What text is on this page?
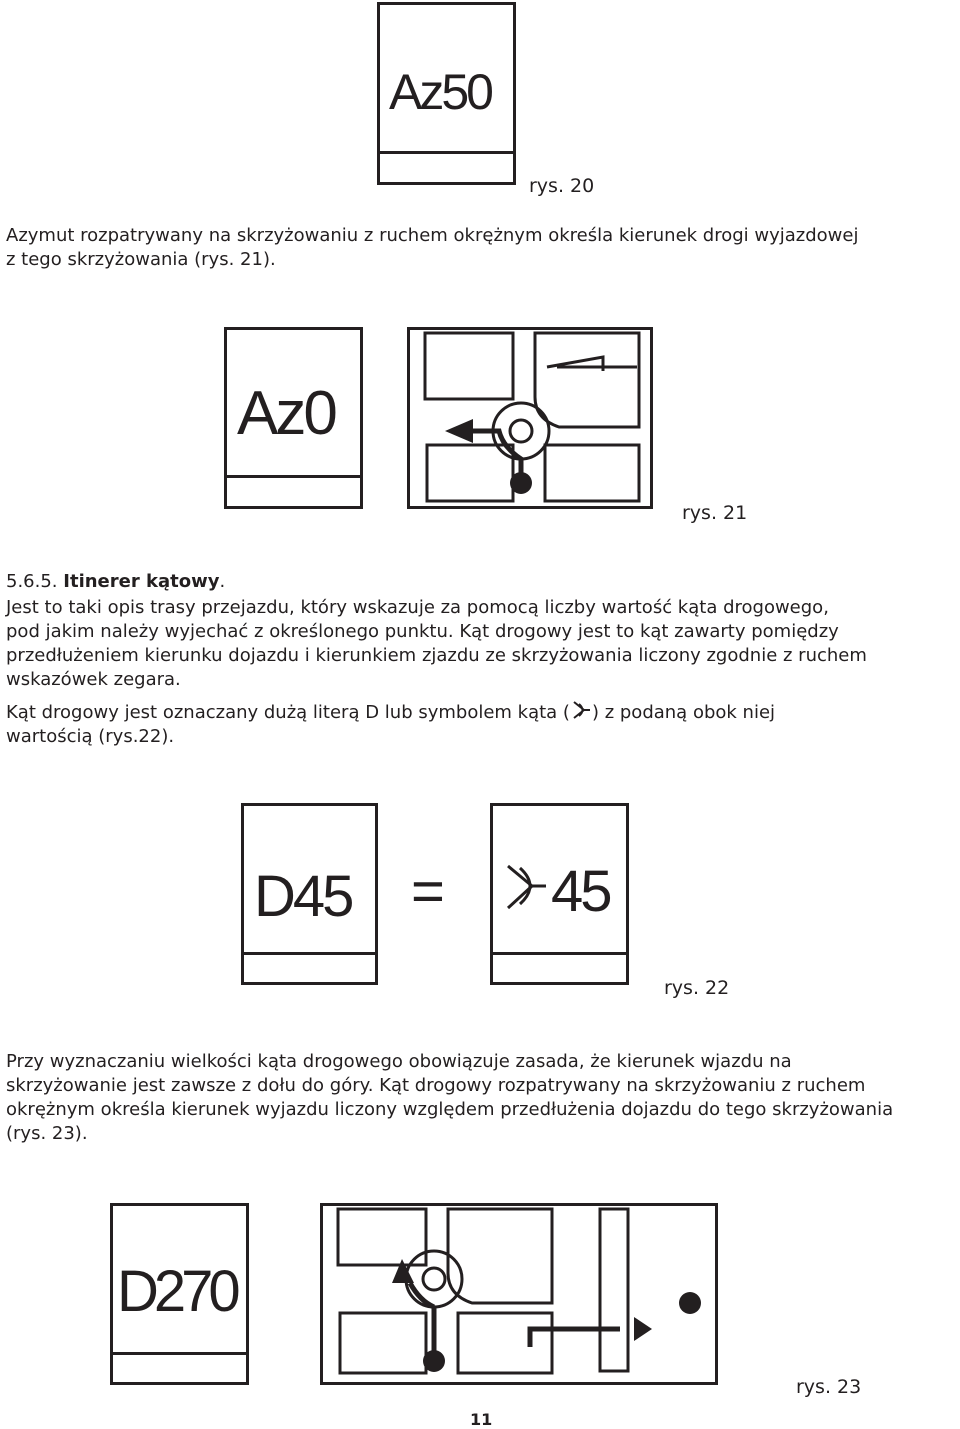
Az50
rys. 20
Azymut rozpatrywany na skrzyżowaniu z ruchem okrężnym określa kierunek drogi wyjazdowej
z tego skrzyżowania (rys. 21).
Az0
rys. 21
5.6.5. Itinerer kątowy.
Jest to taki opis trasy przejazdu, który wskazuje za pomocą liczby wartość kąta drogowego,
pod jakim należy wyjechać z określonego punktu. Kąt drogowy jest to kąt zawarty pomiędzy
przedłużeniem kierunku dojazdu i kierunkiem zjazdu ze skrzyżowania liczony zgodnie z ruchem
wskazówek zegara.
Kąt drogowy jest oznaczany dużą literą D lub symbolem kąta ( ) z podaną obok niej
wartością (rys.22).
D45 = 45
rys. 22
Przy wyznaczaniu wielkości kąta drogowego obowiązuje zasada, że kierunek wjazdu na
skrzyżowanie jest zawsze z dołu do góry. Kąt drogowy rozpatrywany na skrzyżowaniu z ruchem
okrężnym określa kierunek wyjazdu liczony względem przedłużenia dojazdu do tego skrzyżowania
(rys. 23).
D270
rys. 23
11
